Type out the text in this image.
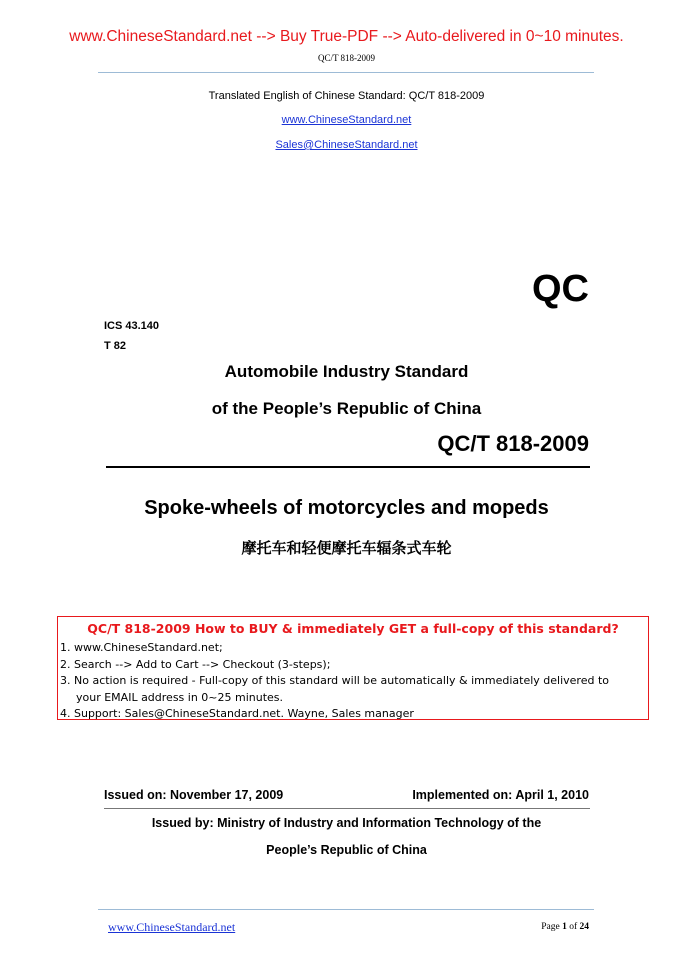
www.ChineseStandard.net --> Buy True-PDF --> Auto-delivered in 0~10 minutes.
QC/T 818-2009
Translated English of Chinese Standard: QC/T 818-2009
www.ChineseStandard.net
Sales@ChineseStandard.net
QC
ICS 43.140
T 82
Automobile Industry Standard
of the People’s Republic of China
QC/T 818-2009
Spoke-wheels of motorcycles and mopeds
摩托车和轻便摩托车辐条式车轮
QC/T 818-2009 How to BUY & immediately GET a full-copy of this standard?
1. www.ChineseStandard.net;
2. Search --> Add to Cart --> Checkout (3-steps);
3. No action is required - Full-copy of this standard will be automatically & immediately delivered to
your EMAIL address in 0~25 minutes.
4. Support: Sales@ChineseStandard.net. Wayne, Sales manager
Issued on: November 17, 2009	Implemented on: April 1, 2010
Issued by: Ministry of Industry and Information Technology of the
People’s Republic of China
www.ChineseStandard.net	Page 1 of 24
